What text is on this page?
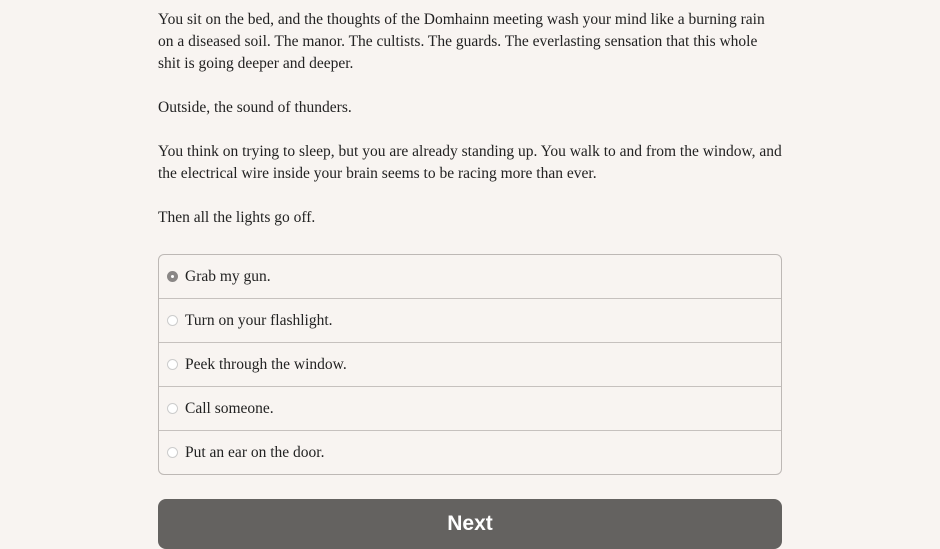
You sit on the bed, and the thoughts of the Domhainn meeting wash your mind like a burning rain on a diseased soil. The manor. The cultists. The guards. The everlasting sensation that this whole shit is going deeper and deeper.

Outside, the sound of thunders.

You think on trying to sleep, but you are already standing up. You walk to and from the window, and the electrical wire inside your brain seems to be racing more than ever.

Then all the lights go off.

Grab my gun.
Turn on your flashlight.
Peek through the window.
Call someone.
Put an ear on the door.
Next
